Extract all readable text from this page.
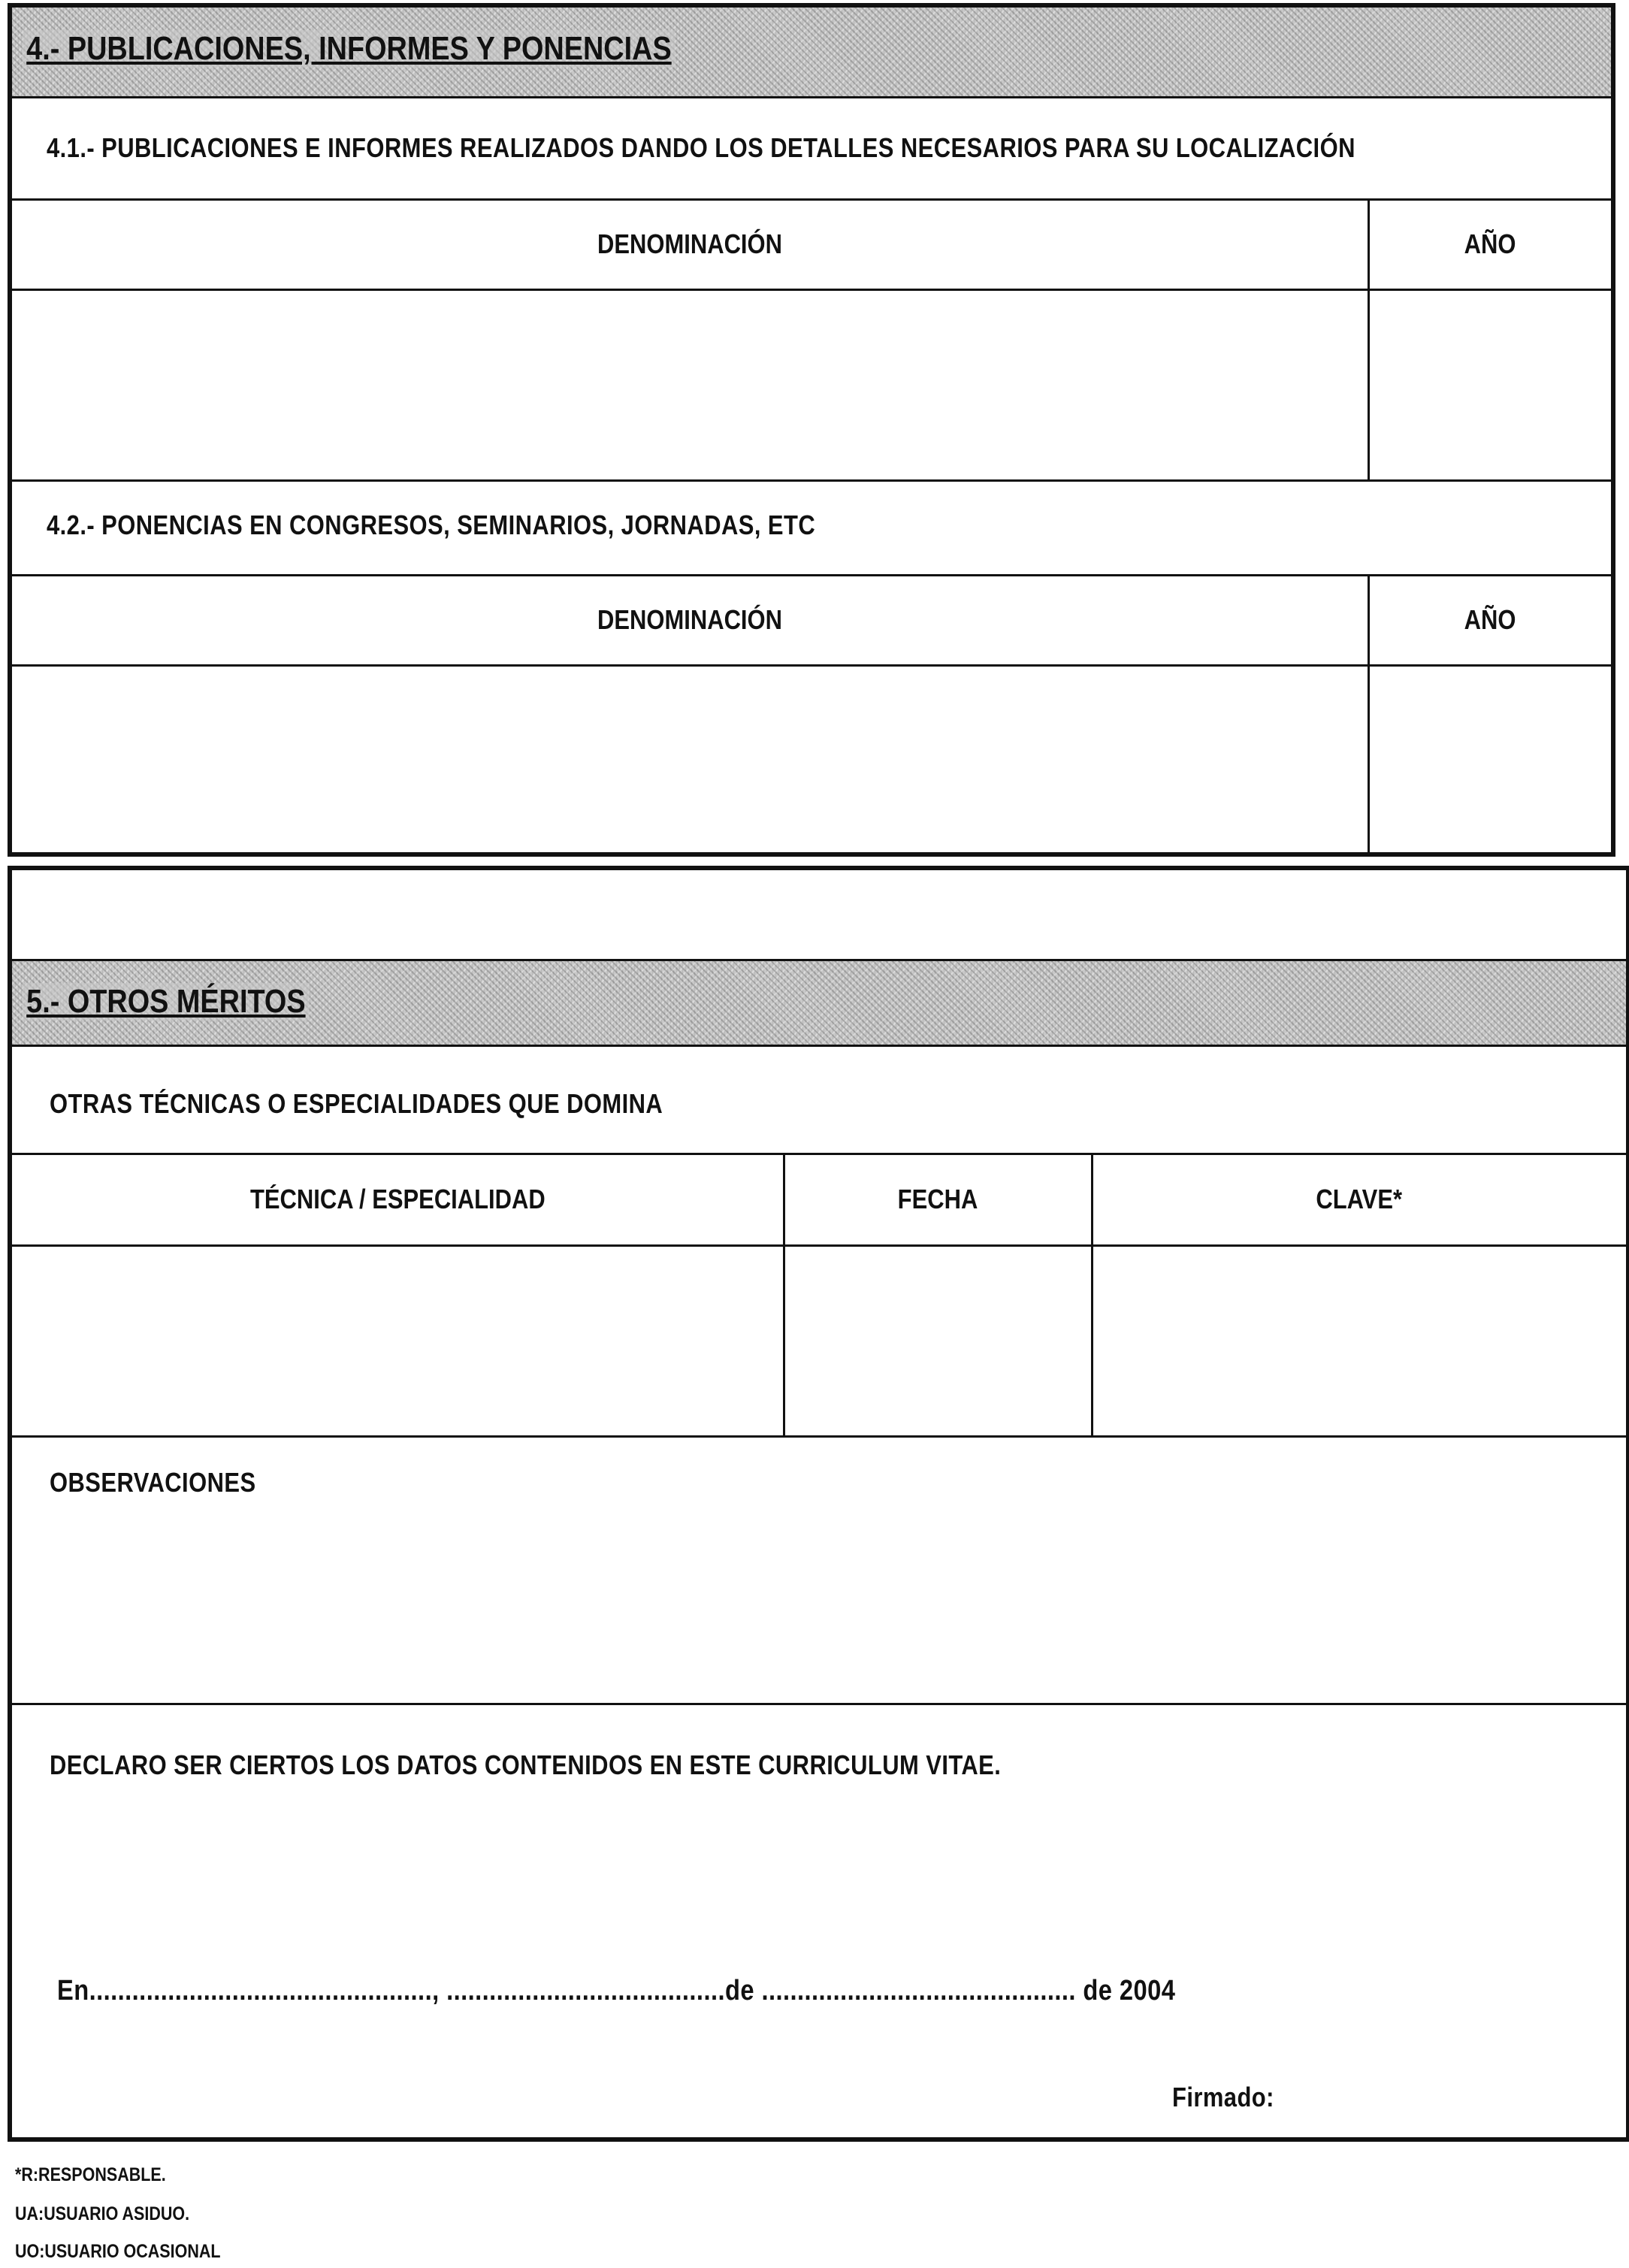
4.- PUBLICACIONES, INFORMES Y PONENCIAS
4.1.- PUBLICACIONES E INFORMES REALIZADOS DANDO LOS DETALLES NECESARIOS PARA SU LOCALIZACIÓN
DENOMINACIÓN	AÑO
4.2.- PONENCIAS EN CONGRESOS, SEMINARIOS, JORNADAS, ETC
DENOMINACIÓN	AÑO
5.- OTROS MÉRITOS
OTRAS TÉCNICAS O ESPECIALIDADES QUE DOMINA
TÉCNICA / ESPECIALIDAD	FECHA	CLAVE*
OBSERVACIONES
DECLARO SER CIERTOS LOS DATOS CONTENIDOS EN ESTE CURRICULUM VITAE.
En................................................, .......................................de ............................................ de 2004
Firmado:
*R:RESPONSABLE.
UA:USUARIO ASIDUO.
UO:USUARIO OCASIONAL
